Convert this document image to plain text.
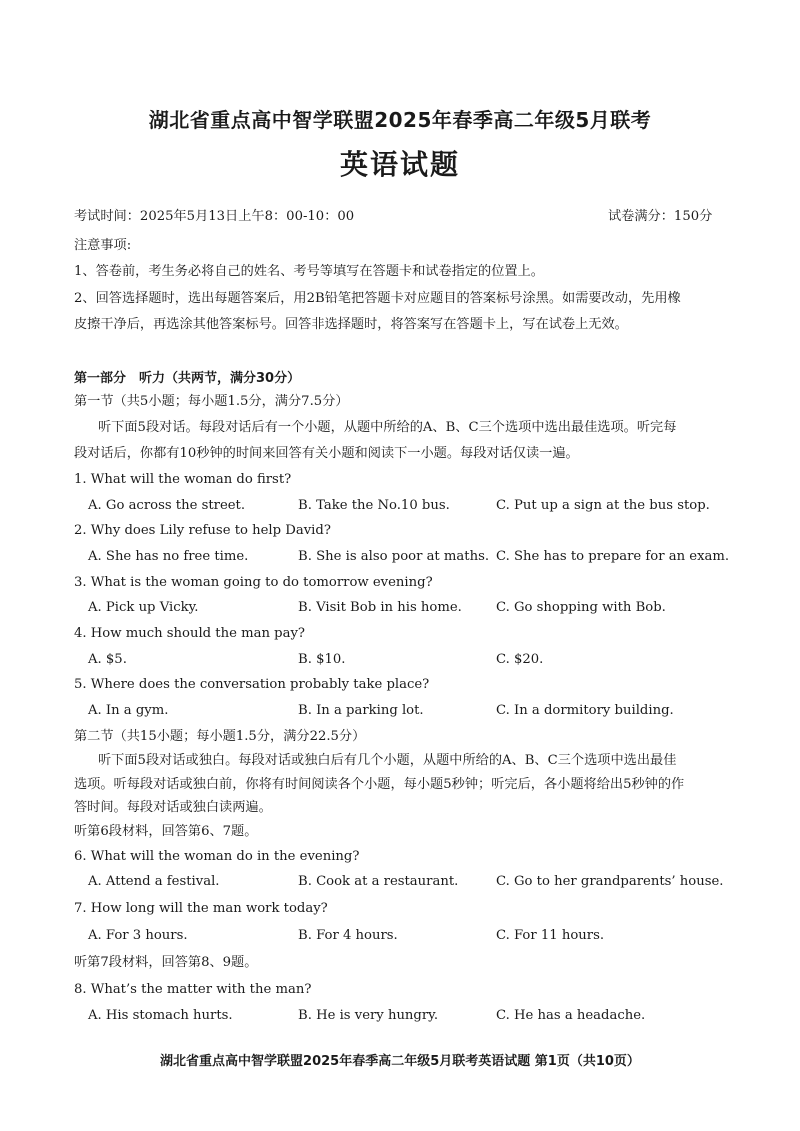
湖北省重点高中智学联盟2025年春季高二年级5月联考
英语试题
考试时间：2025年5月13日上午8：00-10：00	试卷满分：150分
注意事项:
1、答卷前，考生务必将自己的姓名、考号等填写在答题卡和试卷指定的位置上。
2、回答选择题时，选出每题答案后，用2B铅笔把答题卡对应题目的答案标号涂黑。如需要改动，先用橡
皮擦干净后，再选涂其他答案标号。回答非选择题时，将答案写在答题卡上，写在试卷上无效。
第一部分　听力（共两节，满分30分）
第一节（共5小题；每小题1.5分，满分7.5分）
听下面5段对话。每段对话后有一个小题，从题中所给的A、B、C三个选项中选出最佳选项。听完每
段对话后，你都有10秒钟的时间来回答有关小题和阅读下一小题。每段对话仅读一遍。
1. What will the woman do first?
A. Go across the street.	B. Take the No.10 bus.	C. Put up a sign at the bus stop.
2. Why does Lily refuse to help David?
A. She has no free time.	B. She is also poor at maths. C. She has to prepare for an exam.
3. What is the woman going to do tomorrow evening?
A. Pick up Vicky.	B. Visit Bob in his home.	C. Go shopping with Bob.
4. How much should the man pay?
A. $5.	B. $10.	C. $20.
5. Where does the conversation probably take place?
A. In a gym.	B. In a parking lot.	C. In a dormitory building.
第二节（共15小题；每小题1.5分，满分22.5分）
听下面5段对话或独白。每段对话或独白后有几个小题，从题中所给的A、B、C三个选项中选出最佳
选项。听每段对话或独白前，你将有时间阅读各个小题，每小题5秒钟；听完后，各小题将给出5秒钟的作
答时间。每段对话或独白读两遍。
听第6段材料，回答第6、7题。
6. What will the woman do in the evening?
A. Attend a festival.	B. Cook at a restaurant.	C. Go to her grandparents’ house.
7. How long will the man work today?
A. For 3 hours.	B. For 4 hours.	C. For 11 hours.
听第7段材料，回答第8、9题。
8. What’s the matter with the man?
A. His stomach hurts.	B. He is very hungry.	C. He has a headache.
湖北省重点高中智学联盟2025年春季高二年级5月联考英语试题 第1页（共10页）
